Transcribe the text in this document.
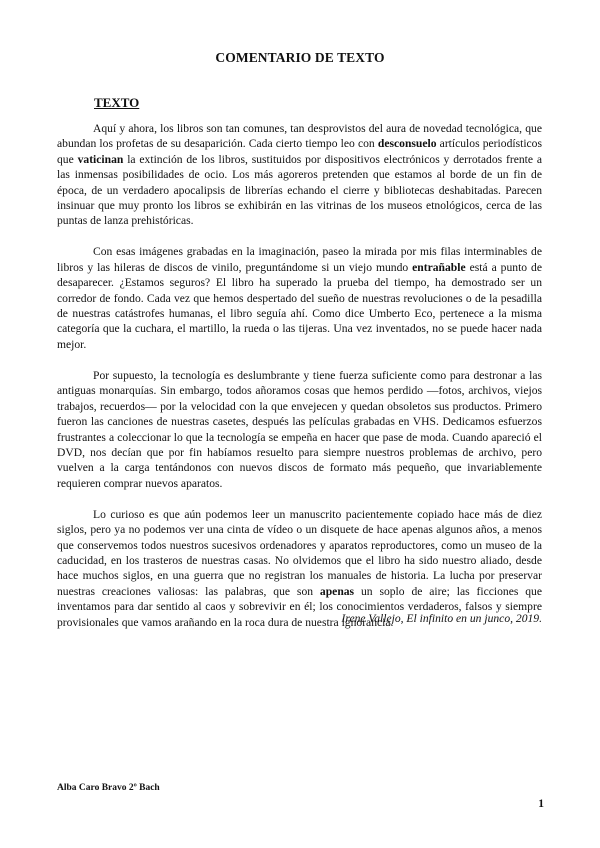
COMENTARIO DE TEXTO
TEXTO

Aquí y ahora, los libros son tan comunes, tan desprovistos del aura de novedad tecnológica, que abundan los profetas de su desaparición. Cada cierto tiempo leo con desconsuelo artículos periodísticos que vaticinan la extinción de los libros, sustituidos por dispositivos electrónicos y derrotados frente a las inmensas posibilidades de ocio. Los más agoreros pretenden que estamos al borde de un fin de época, de un verdadero apocalipsis de librerías echando el cierre y bibliotecas deshabitadas. Parecen insinuar que muy pronto los libros se exhibirán en las vitrinas de los museos etnológicos, cerca de las puntas de lanza prehistóricas.

Con esas imágenes grabadas en la imaginación, paseo la mirada por mis filas interminables de libros y las hileras de discos de vinilo, preguntándome si un viejo mundo entrañable está a punto de desaparecer. ¿Estamos seguros? El libro ha superado la prueba del tiempo, ha demostrado ser un corredor de fondo. Cada vez que hemos despertado del sueño de nuestras revoluciones o de la pesadilla de nuestras catástrofes humanas, el libro seguía ahí. Como dice Umberto Eco, pertenece a la misma categoría que la cuchara, el martillo, la rueda o las tijeras. Una vez inventados, no se puede hacer nada mejor.

Por supuesto, la tecnología es deslumbrante y tiene fuerza suficiente como para destronar a las antiguas monarquías. Sin embargo, todos añoramos cosas que hemos perdido —fotos, archivos, viejos trabajos, recuerdos— por la velocidad con la que envejecen y quedan obsoletos sus productos. Primero fueron las canciones de nuestras casetes, después las películas grabadas en VHS. Dedicamos esfuerzos frustrantes a coleccionar lo que la tecnología se empeña en hacer que pase de moda. Cuando apareció el DVD, nos decían que por fin habíamos resuelto para siempre nuestros problemas de archivo, pero vuelven a la carga tentándonos con nuevos discos de formato más pequeño, que invariablemente requieren comprar nuevos aparatos.

Lo curioso es que aún podemos leer un manuscrito pacientemente copiado hace más de diez siglos, pero ya no podemos ver una cinta de vídeo o un disquete de hace apenas algunos años, a menos que conservemos todos nuestros sucesivos ordenadores y aparatos reproductores, como un museo de la caducidad, en los trasteros de nuestras casas. No olvidemos que el libro ha sido nuestro aliado, desde hace muchos siglos, en una guerra que no registran los manuales de historia. La lucha por preservar nuestras creaciones valiosas: las palabras, que son apenas un soplo de aire; las ficciones que inventamos para dar sentido al caos y sobrevivir en él; los conocimientos verdaderos, falsos y siempre provisionales que vamos arañando en la roca dura de nuestra ignorancia.

Irene Vallejo, El infinito en un junco, 2019.
Alba Caro Bravo 2º Bach
1
